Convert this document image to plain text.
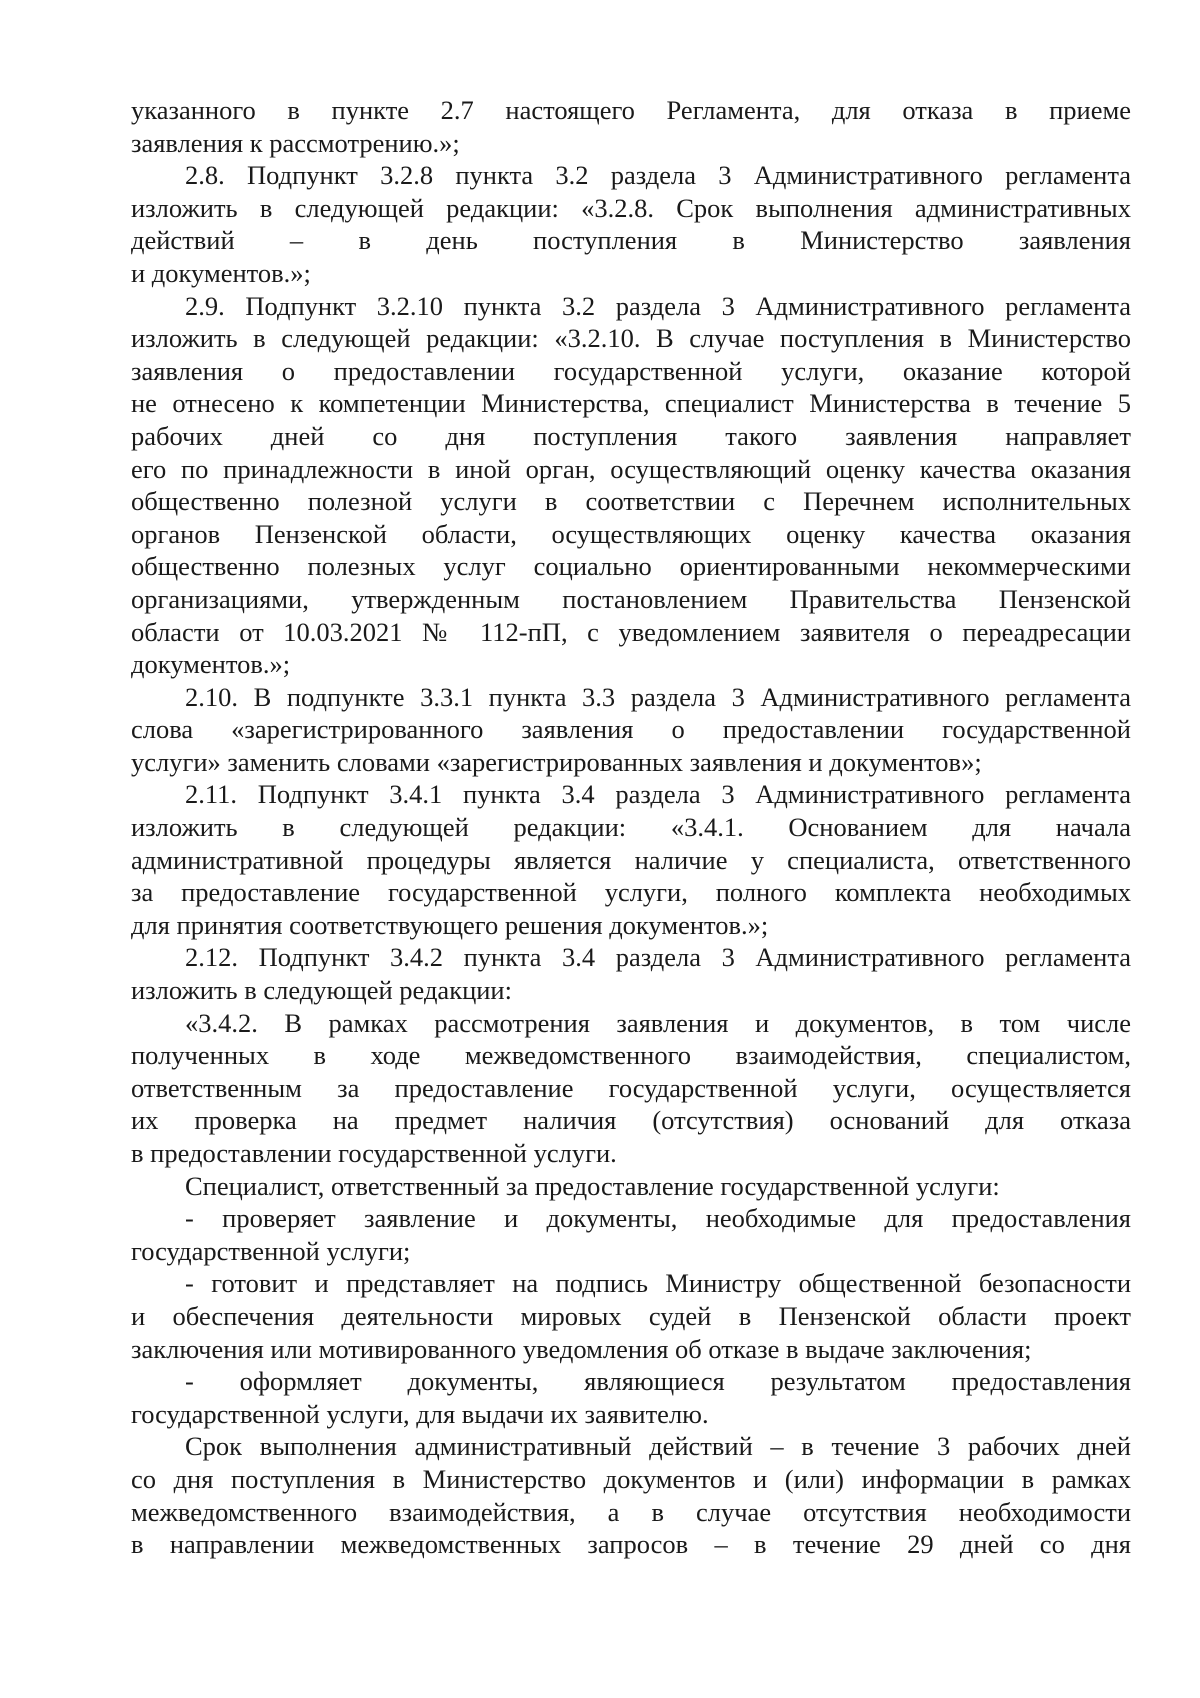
указанного в пункте 2.7 настоящего Регламента, для отказа в приеме
заявления к рассмотрению.»;
2.8. Подпункт 3.2.8 пункта 3.2 раздела 3 Административного регламента
изложить в следующей редакции: «3.2.8. Срок выполнения административных
действий – в день поступления в Министерство заявления
и документов.»;
2.9. Подпункт 3.2.10 пункта 3.2 раздела 3 Административного регламента
изложить в следующей редакции: «3.2.10. В случае поступления в Министерство
заявления о предоставлении государственной услуги, оказание которой
не отнесено к компетенции Министерства, специалист Министерства в течение 5
рабочих дней со дня поступления такого заявления направляет
его по принадлежности в иной орган, осуществляющий оценку качества оказания
общественно полезной услуги в соответствии с Перечнем исполнительных
органов Пензенской области, осуществляющих оценку качества оказания
общественно полезных услуг социально ориентированными некоммерческими
организациями, утвержденным постановлением Правительства Пензенской
области от 10.03.2021 № 112-пП, с уведомлением заявителя о переадресации
документов.»;
2.10. В подпункте 3.3.1 пункта 3.3 раздела 3 Административного регламента
слова «зарегистрированного заявления о предоставлении государственной
услуги» заменить словами «зарегистрированных заявления и документов»;
2.11. Подпункт 3.4.1 пункта 3.4 раздела 3 Административного регламента
изложить в следующей редакции: «3.4.1. Основанием для начала
административной процедуры является наличие у специалиста, ответственного
за предоставление государственной услуги, полного комплекта необходимых
для принятия соответствующего решения документов.»;
2.12. Подпункт 3.4.2 пункта 3.4 раздела 3 Административного регламента
изложить в следующей редакции:
«3.4.2. В рамках рассмотрения заявления и документов, в том числе
полученных в ходе межведомственного взаимодействия, специалистом,
ответственным за предоставление государственной услуги, осуществляется
их проверка на предмет наличия (отсутствия) оснований для отказа
в предоставлении государственной услуги.
Специалист, ответственный за предоставление государственной услуги:
- проверяет заявление и документы, необходимые для предоставления
государственной услуги;
- готовит и представляет на подпись Министру общественной безопасности
и обеспечения деятельности мировых судей в Пензенской области проект
заключения или мотивированного уведомления об отказе в выдаче заключения;
- оформляет документы, являющиеся результатом предоставления
государственной услуги, для выдачи их заявителю.
Срок выполнения административный действий – в течение 3 рабочих дней
со дня поступления в Министерство документов и (или) информации в рамках
межведомственного взаимодействия, а в случае отсутствия необходимости
в направлении межведомственных запросов – в течение 29 дней со дня
